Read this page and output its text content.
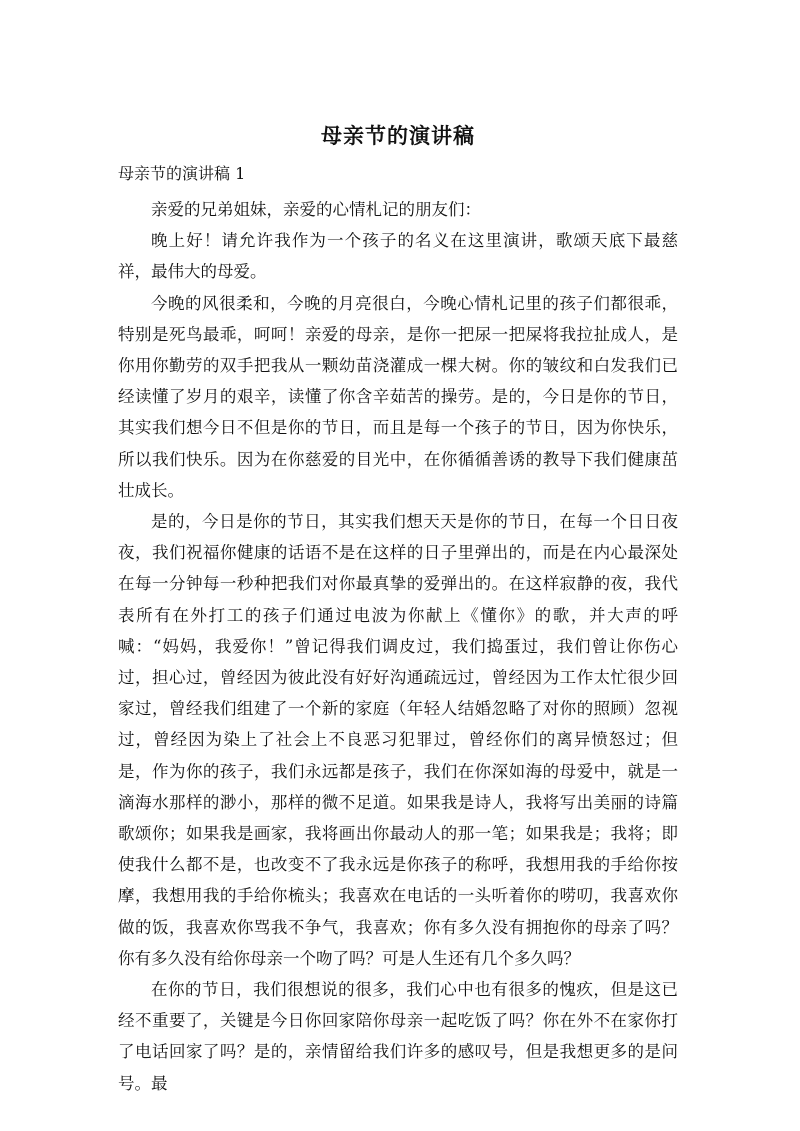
母亲节的演讲稿
母亲节的演讲稿 1

亲爱的兄弟姐妹，亲爱的心情札记的朋友们：

晚上好！请允许我作为一个孩子的名义在这里演讲，歌颂天底下最慈祥，最伟大的母爱。

今晚的风很柔和，今晚的月亮很白，今晚心情札记里的孩子们都很乖，特别是死鸟最乖，呵呵！亲爱的母亲，是你一把尿一把屎将我拉扯成人，是你用你勤劳的双手把我从一颗幼苗浇灌成一棵大树。你的皱纹和白发我们已经读懂了岁月的艰辛，读懂了你含辛茹苦的操劳。是的，今日是你的节日，其实我们想今日不但是你的节日，而且是每一个孩子的节日，因为你快乐，所以我们快乐。因为在你慈爱的目光中，在你循循善诱的教导下我们健康茁壮成长。

是的，今日是你的节日，其实我们想天天是你的节日，在每一个日日夜夜，我们祝福你健康的话语不是在这样的日子里弹出的，而是在内心最深处在每一分钟每一秒种把我们对你最真挚的爱弹出的。在这样寂静的夜，我代表所有在外打工的孩子们通过电波为你献上《懂你》的歌，并大声的呼喊：“妈妈，我爱你！”曾记得我们调皮过，我们捣蛋过，我们曾让你伤心过，担心过，曾经因为彼此没有好好沟通疏远过，曾经因为工作太忙很少回家过，曾经我们组建了一个新的家庭（年轻人结婚忽略了对你的照顾）忽视过，曾经因为染上了社会上不良恶习犯罪过，曾经你们的离异愤怒过；但是，作为你的孩子，我们永远都是孩子，我们在你深如海的母爱中，就是一滴海水那样的渺小，那样的微不足道。如果我是诗人，我将写出美丽的诗篇歌颂你；如果我是画家，我将画出你最动人的那一笔；如果我是；我将；即使我什么都不是，也改变不了我永远是你孩子的称呼，我想用我的手给你按摩，我想用我的手给你梳头；我喜欢在电话的一头听着你的唠叨，我喜欢你做的饭，我喜欢你骂我不争气，我喜欢；你有多久没有拥抱你的母亲了吗？你有多久没有给你母亲一个吻了吗？可是人生还有几个多久吗？

在你的节日，我们很想说的很多，我们心中也有很多的愧疚，但是这已经不重要了，关键是今日你回家陪你母亲一起吃饭了吗？你在外不在家你打了电话回家了吗？是的，亲情留给我们许多的感叹号，但是我想更多的是问号。最
